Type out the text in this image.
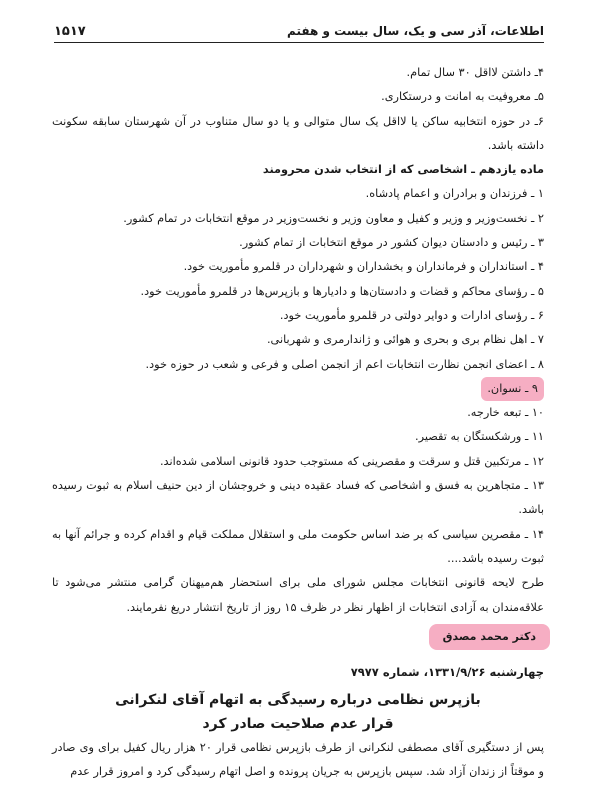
اطلاعات، آذر سی و یک، سال بیست و هفتم
۱۵۱۷
۴ـ داشتن لااقل ۳۰ سال تمام.
۵ـ معروفیت به امانت و درستکاری.
۶ـ در حوزه انتخابیه ساکن یا لااقل یک سال متوالی و یا دو سال متناوب در آن شهرستان سابقه سکونت داشته باشد.
ماده یازدهم ـ اشخاصی که از انتخاب شدن محرومند
۱ ـ فرزندان و برادران و اعمام پادشاه.
۲ ـ نخست‌وزیر و وزیر و کفیل و معاون وزیر و نخست‌وزیر در موقع انتخابات در تمام کشور.
۳ ـ رئیس و دادستان دیوان کشور در موقع انتخابات از تمام کشور.
۴ ـ استانداران و فرمانداران و بخشداران و شهرداران در قلمرو مأموریت خود.
۵ ـ رؤسای محاکم و قضات و دادستان‌ها و دادیارها و بازپرس‌ها در قلمرو مأموریت خود.
۶ ـ رؤسای ادارات و دوایر دولتی در قلمرو مأموریت خود.
۷ ـ اهل نظام بری و بحری و هوائی و ژاندارمری و شهربانی.
۸ ـ اعضای انجمن نظارت انتخابات اعم از انجمن اصلی و فرعی و شعب در حوزه خود.
۹ ـ نسوان.
۱۰ ـ تبعه خارجه.
۱۱ ـ ورشکستگان به تقصیر.
۱۲ ـ مرتکبین قتل و سرقت و مقصرینی که مستوجب حدود قانونی اسلامی شده‌اند.
۱۳ ـ متجاهرین به فسق و اشخاصی که فساد عقیده دینی و خروجشان از دین حنیف اسلام به ثبوت رسیده باشد.
۱۴ ـ مقصرین سیاسی که بر ضد اساس حکومت ملی و استقلال مملکت قیام و اقدام کرده و جرائم آنها به ثبوت رسیده باشد....
طرح لایحه قانونی انتخابات مجلس شورای ملی برای استحضار هم‌میهنان گرامی منتشر می‌شود تا علاقه‌مندان به آزادی انتخابات از اظهار نظر در ظرف ۱۵ روز از تاریخ انتشار دریغ نفرمایند.
دکتر محمد مصدق
چهارشنبه ۱۳۳۱/۹/۲۶، شماره ۷۹۷۷
بازپرس نظامی درباره رسیدگی به اتهام آقای لنکرانی
قرار عدم صلاحیت صادر کرد
پس از دستگیری آقای مصطفی لنکرانی از طرف بازپرس نظامی قرار ۲۰ هزار ریال کفیل برای وی صادر و موقتاً از زندان آزاد شد. سپس بازپرس به جریان پرونده و اصل اتهام رسیدگی کرد و امروز قرار عدم
